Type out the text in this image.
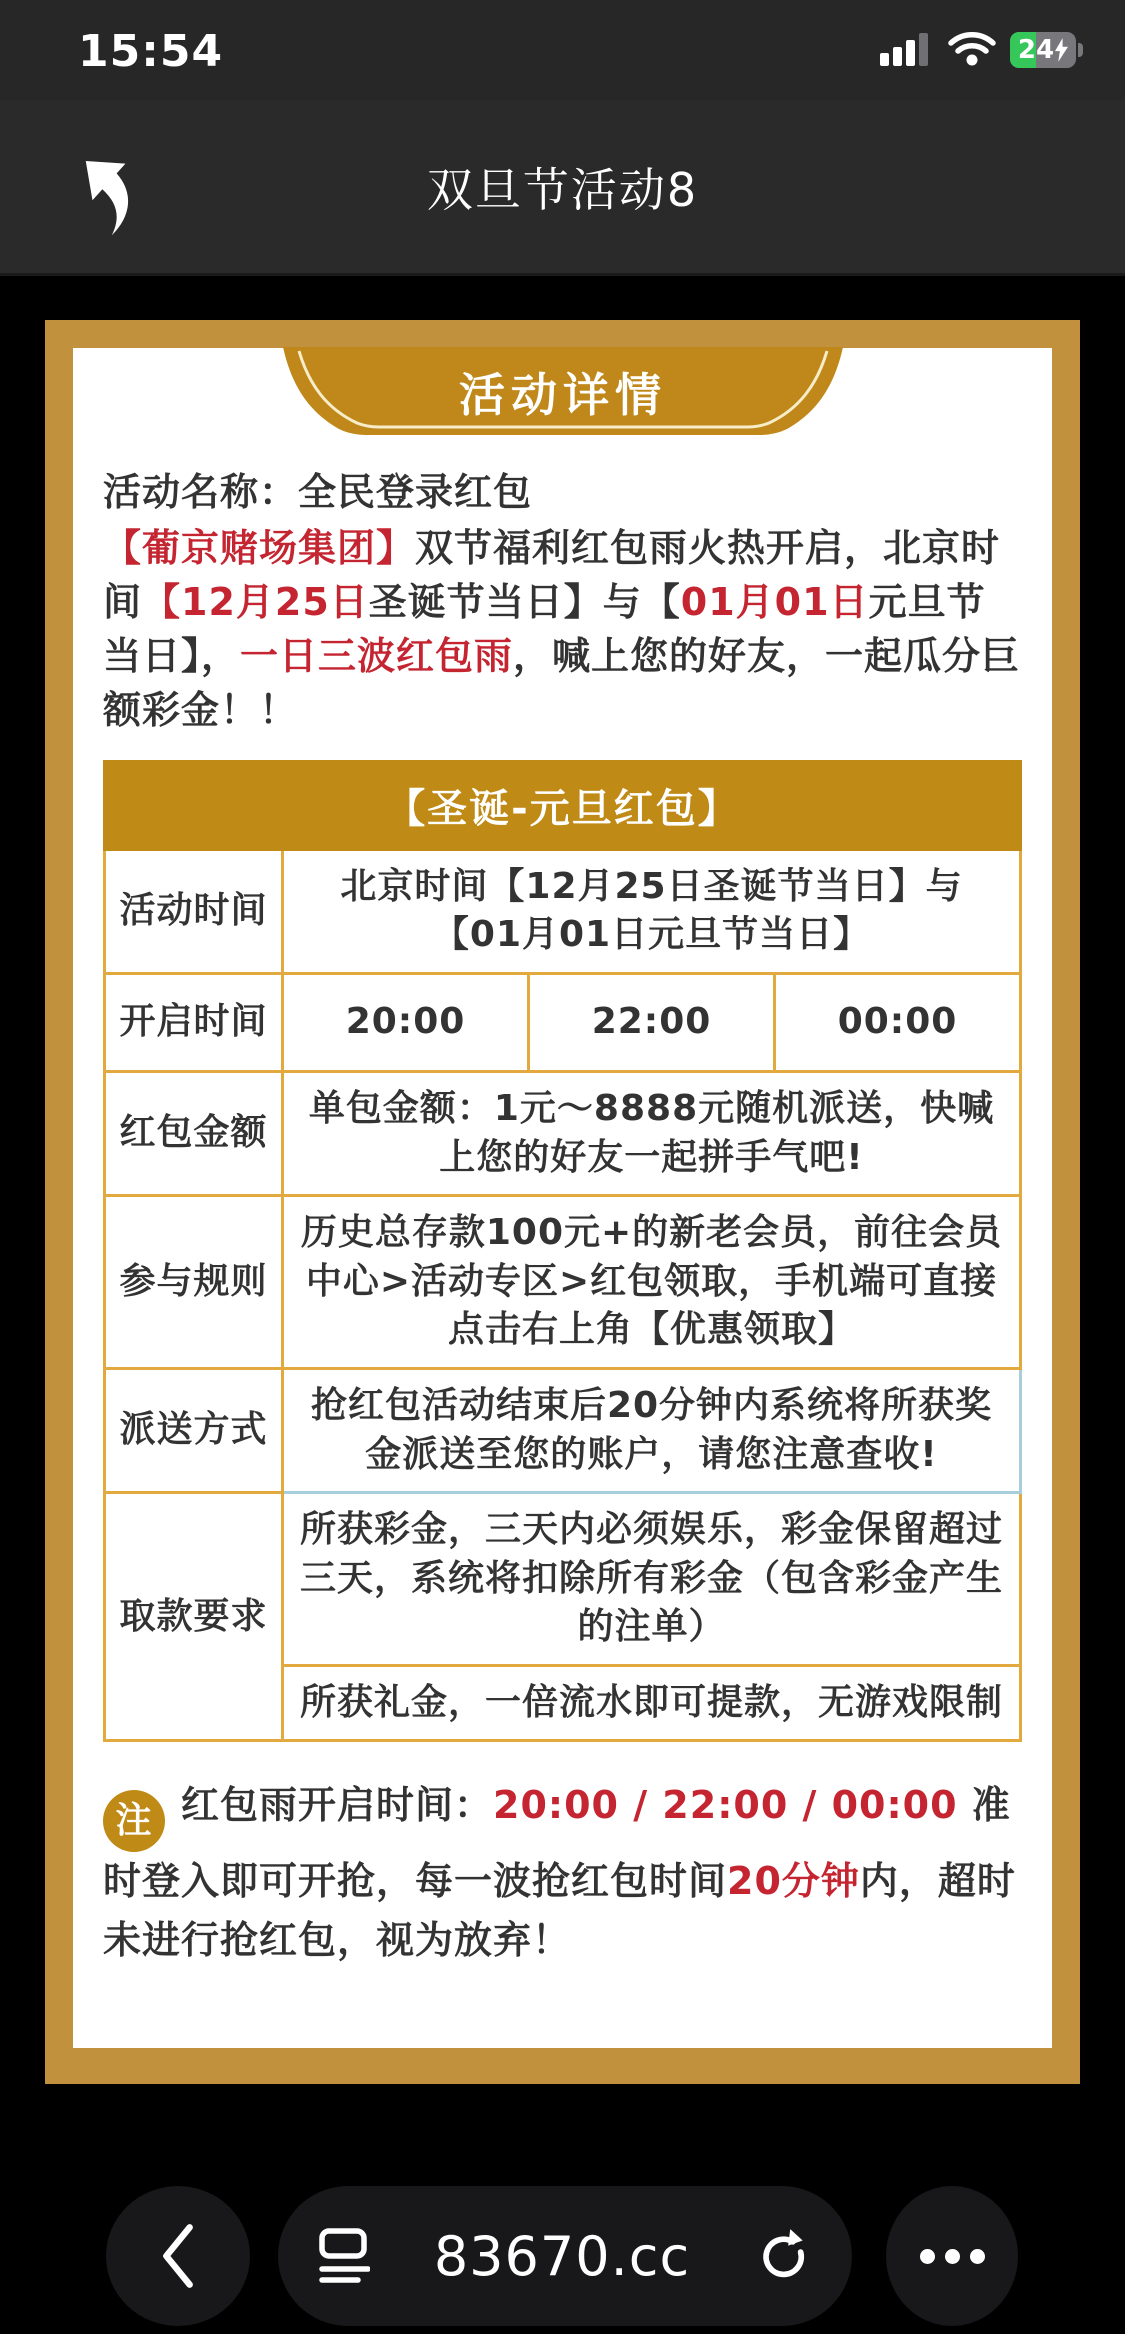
15:54	24
双旦节活动8
活动详情

活动名称：全民登录红包

【葡京赌场集团】双节福利红包雨火热开启，北京时间【12月25日圣诞节当日】与【01月01日元旦节当日】，一日三波红包雨，喊上您的好友，一起瓜分巨额彩金！！

【圣诞-元旦红包】			
活动时间	北京时间【12月25日圣诞节当日】与【01月01日元旦节当日】		
开启时间	20:00	22:00	00:00
红包金额	单包金额：1元～8888元随机派送，快喊上您的好友一起拼手气吧!		
参与规则	历史总存款100元+的新老会员，前往会员中心>活动专区>红包领取，手机端可直接点击右上角【优惠领取】		
派送方式	抢红包活动结束后20分钟内系统将所获奖金派送至您的账户，请您注意查收!		
取款要求	所获彩金，三天内必须娱乐，彩金保留超过三天，系统将扣除所有彩金（包含彩金产生的注单）		
	所获礼金，一倍流水即可提款，无游戏限制		

注 红包雨开启时间：20:00 / 22:00 / 00:00 准时登入即可开抢，每一波抢红包时间20分钟内，超时未进行抢红包，视为放弃！

83670.cc
